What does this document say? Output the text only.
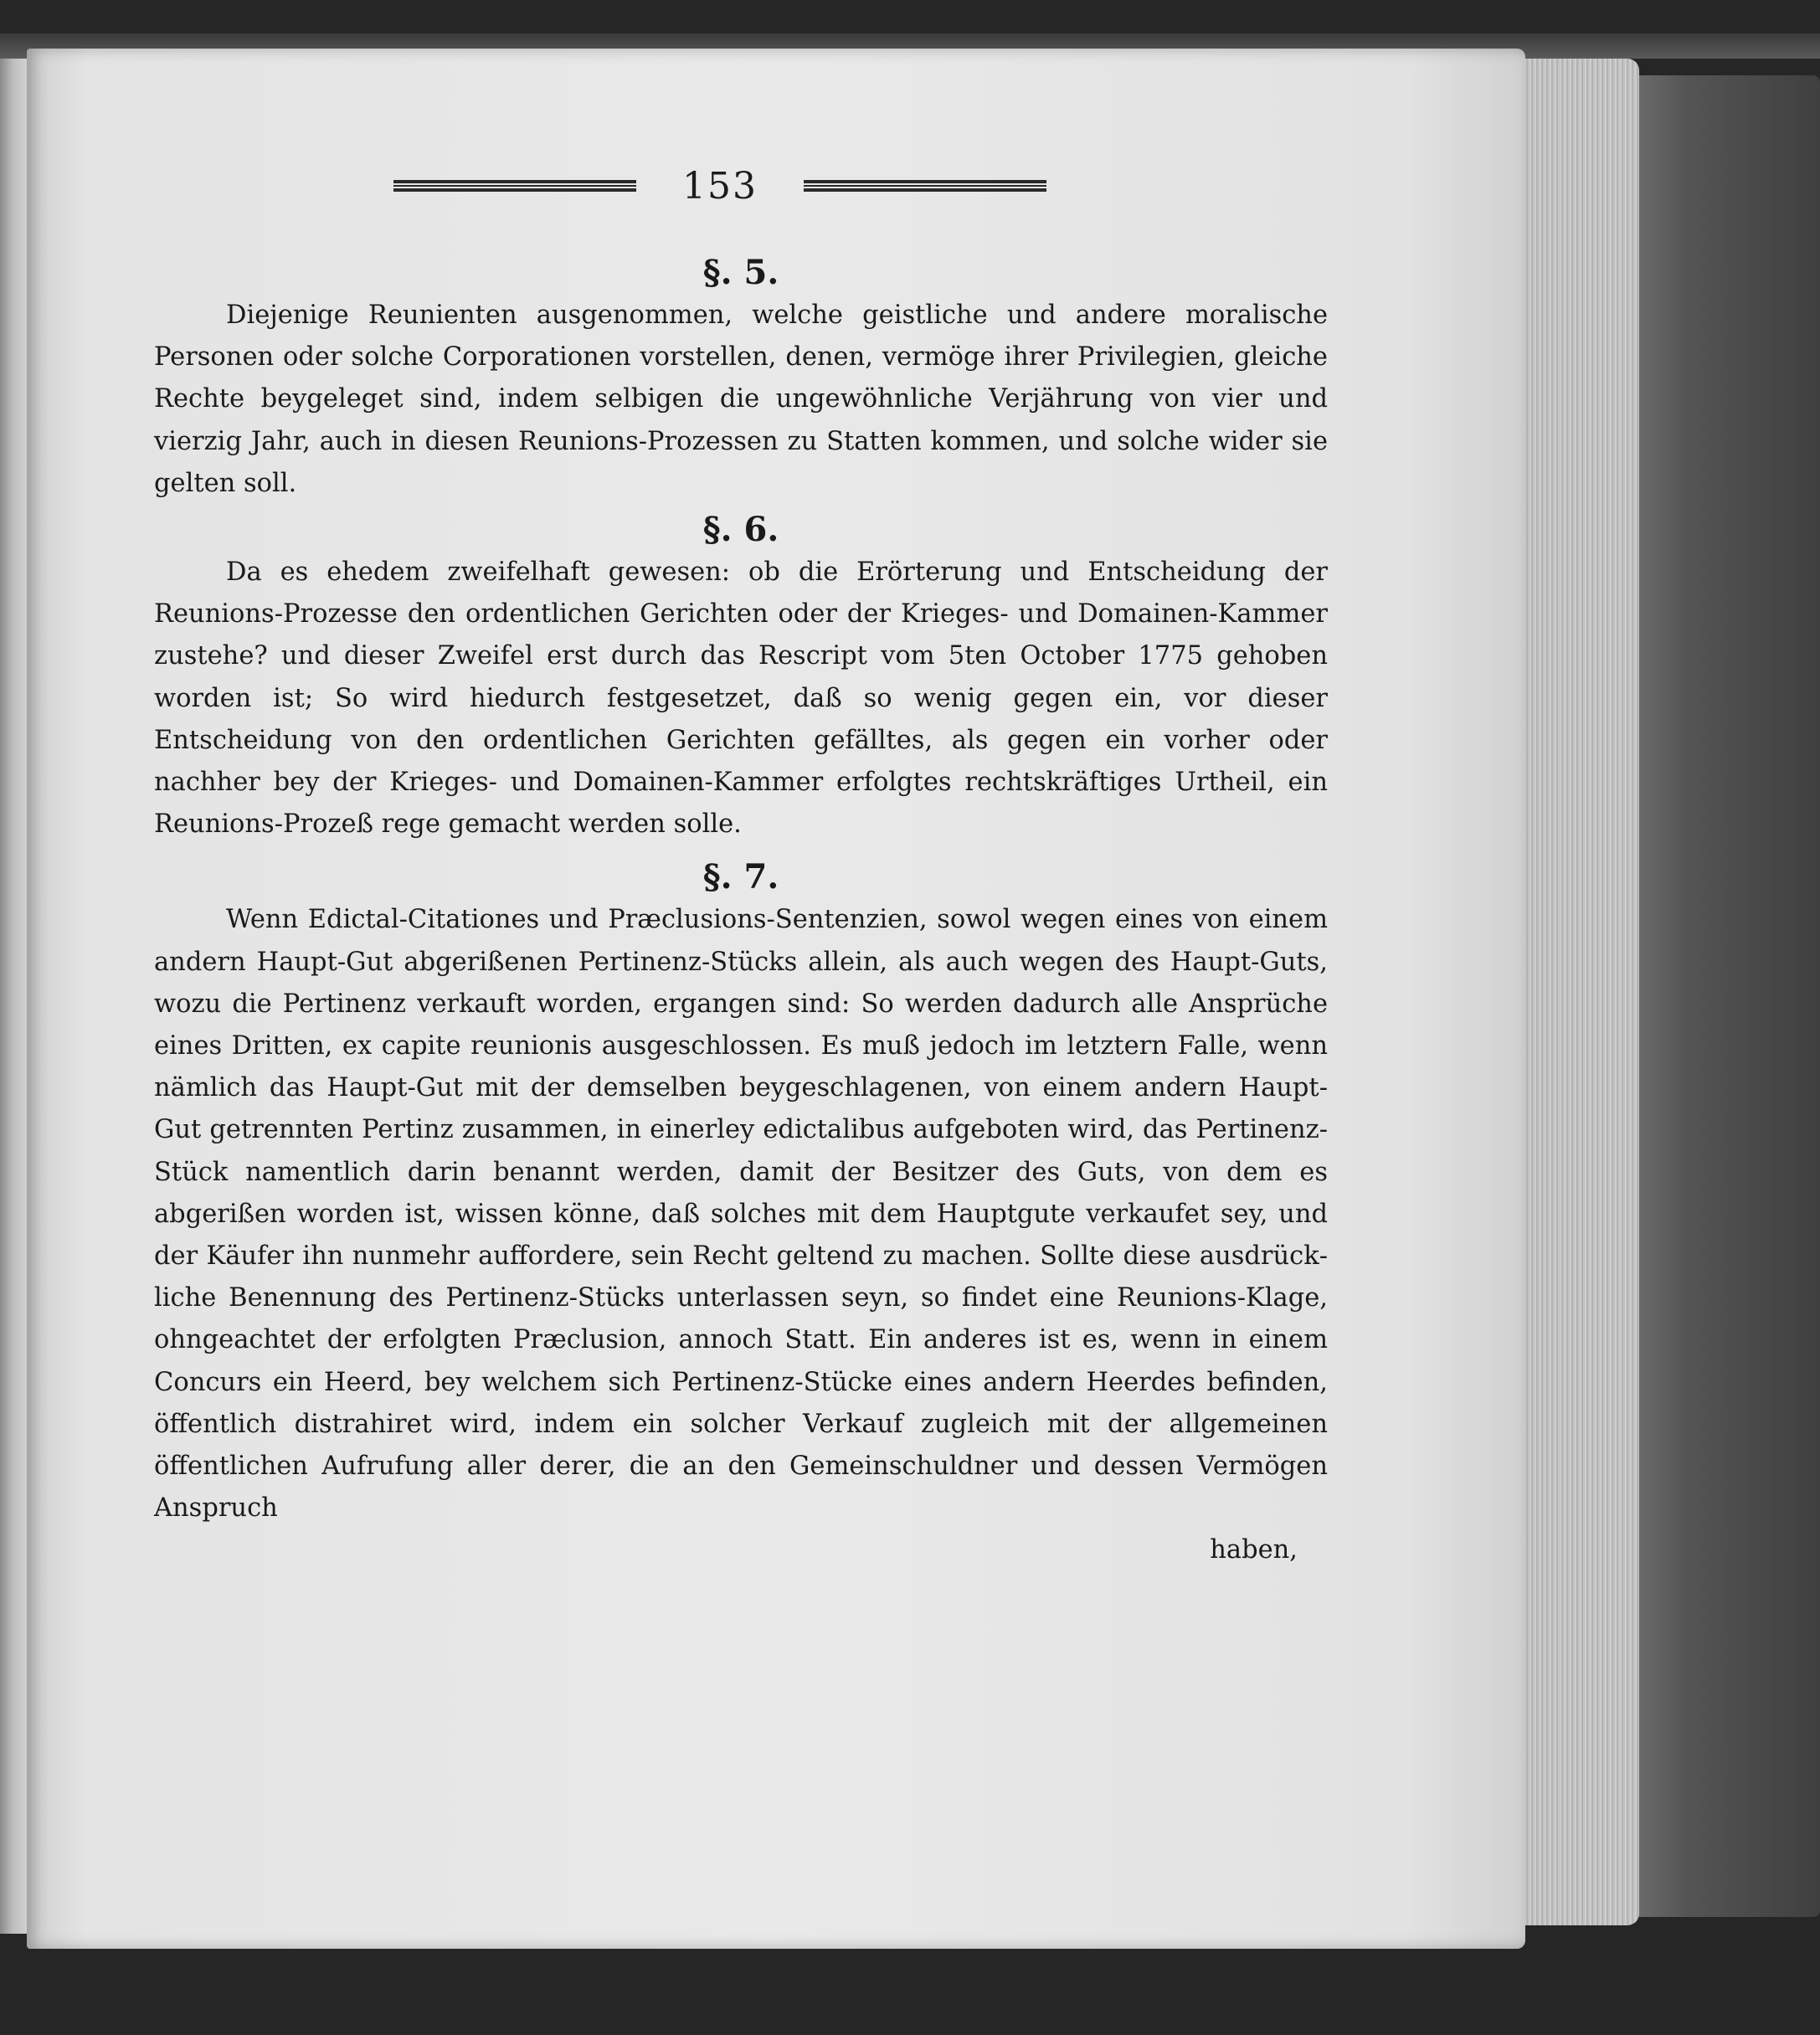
153

§. 5.

Diejenige Reunienten ausgenommen, welche geistliche und andere moralische Personen oder solche Corporationen vorstellen, denen, vermöge ihrer Privilegien, gleiche Rechte beygeleget sind, indem selbigen die ungewöhnliche Verjährung von vier und vierzig Jahr, auch in diesen Reunions-Prozessen zu Statten kommen, und solche wider sie gelten soll.

§. 6.

Da es ehedem zweifelhaft gewesen: ob die Erörterung und Entscheidung der Reunions-Prozesse den ordentlichen Gerichten oder der Krieges- und Domainen-Kammer zustehe? und dieser Zweifel erst durch das Rescript vom 5ten October 1775 gehoben worden ist; So wird hiedurch festgesetzet, daß so wenig gegen ein, vor dieser Entscheidung von den ordentlichen Gerichten gefälltes, als gegen ein vorher oder nachher bey der Krieges- und Domainen-Kammer erfolgtes rechtskräftiges Urtheil, ein Reunions-Prozeß rege gemacht werden solle.

§. 7.

Wenn Edictal-Citationes und Præclusions-Sentenzien, sowol wegen eines von einem andern Haupt-Gut abgerißenen Pertinenz-Stücks allein, als auch wegen des Haupt-Guts, wozu die Pertinenz verkauft worden, ergangen sind: So werden dadurch alle Ansprüche eines Dritten, ex capite reunionis ausgeschlossen. Es muß jedoch im letztern Falle, wenn nämlich das Haupt-Gut mit der demselben beygeschlagenen, von einem andern Haupt-Gut getrennten Pertinz zusammen, in einerley edictalibus aufgeboten wird, das Pertinenz-Stück namentlich darin benannt werden, damit der Besitzer des Guts, von dem es abgerißen worden ist, wissen könne, daß solches mit dem Hauptgute verkaufet sey, und der Käufer ihn nunmehr auffordere, sein Recht geltend zu machen. Sollte diese ausdrückliche Benennung des Pertinenz-Stücks unterlassen seyn, so findet eine Reunions-Klage, ohngeachtet der erfolgten Præclusion, annoch Statt. Ein anderes ist es, wenn in einem Concurs ein Heerd, bey welchem sich Pertinenz-Stücke eines andern Heerdes befinden, öffentlich distrahiret wird, indem ein solcher Verkauf zugleich mit der allgemeinen öffentlichen Aufrufung aller derer, die an den Gemeinschuldner und dessen Vermögen Anspruch

haben,
